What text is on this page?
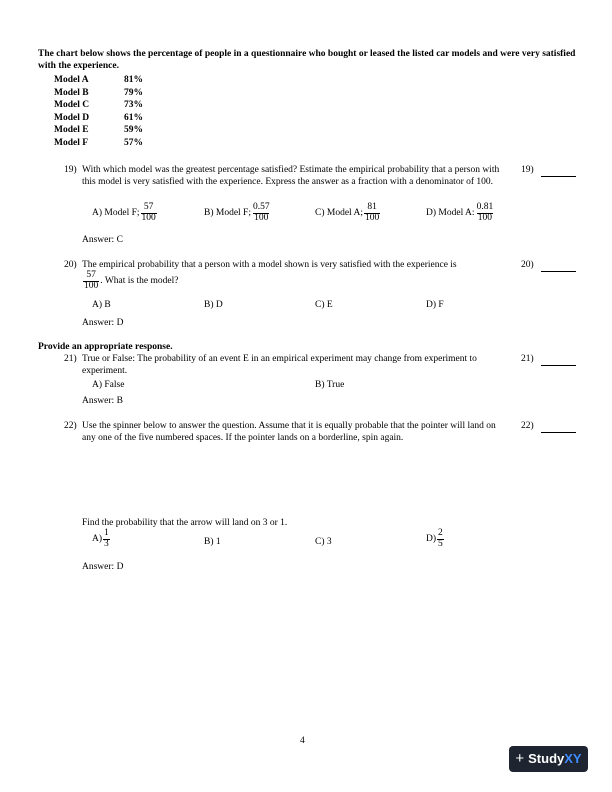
The chart below shows the percentage of people in a questionnaire who bought or leased the listed car models and were very satisfied with the experience.
Model A	81%
Model B	79%
Model C	73%
Model D	61%
Model E	59%
Model F	57%
19) With which model was the greatest percentage satisfied? Estimate the empirical probability that a person with this model is very satisfied with the experience. Express the answer as a fraction with a denominator of 100.
19)
A) Model F; $\frac{57}{100}$	B) Model F; $\frac{0.57}{100}$	C) Model A; $\frac{81}{100}$	D) Model A: $\frac{0.81}{100}$
Answer: C
20) The empirical probability that a person with a model shown is very satisfied with the experience is
$\frac{57}{100}$ . What is the model?
20)
A) B	B) D	C) E	D) F
Answer: D
Provide an appropriate response.
21) True or False: The probability of an event E in an empirical experiment may change from experiment to experiment.
21)
A) False	B) True
Answer: B
22) Use the spinner below to answer the question. Assume that it is equally probable that the pointer will land on any one of the five numbered spaces. If the pointer lands on a borderline, spin again.
22)
Find the probability that the arrow will land on 3 or 1.
$A) \frac{1}{3}$	B) 1	C) 3	$D) \frac{2}{5}$
Answer: D
4
+ Study XY
